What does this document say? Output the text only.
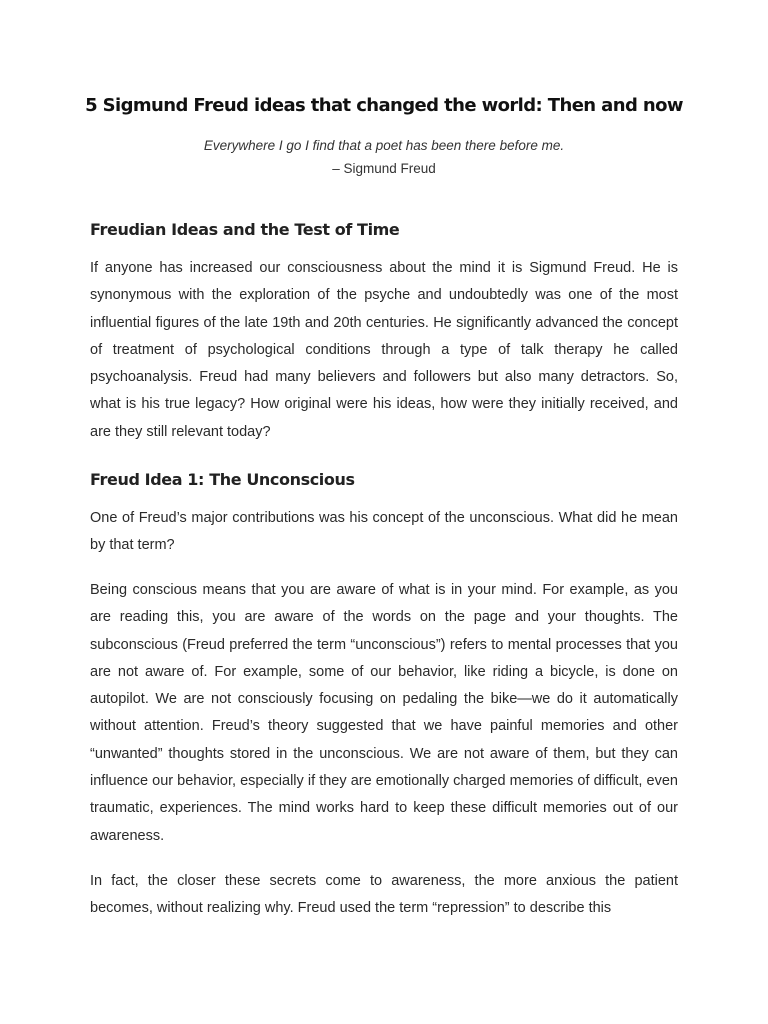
5 Sigmund Freud ideas that changed the world: Then and now
Everywhere I go I find that a poet has been there before me.
– Sigmund Freud
Freudian Ideas and the Test of Time

If anyone has increased our consciousness about the mind it is Sigmund Freud. He is synonymous with the exploration of the psyche and undoubtedly was one of the most influential figures of the late 19th and 20th centuries. He significantly advanced the concept of treatment of psychological conditions through a type of talk therapy he called psychoanalysis. Freud had many believers and followers but also many detractors. So, what is his true legacy? How original were his ideas, how were they initially received, and are they still relevant today?

Freud Idea 1: The Unconscious

One of Freud’s major contributions was his concept of the unconscious. What did he mean by that term?

Being conscious means that you are aware of what is in your mind. For example, as you are reading this, you are aware of the words on the page and your thoughts. The subconscious (Freud preferred the term “unconscious”) refers to mental processes that you are not aware of. For example, some of our behavior, like riding a bicycle, is done on autopilot. We are not consciously focusing on pedaling the bike—we do it automatically without attention. Freud’s theory suggested that we have painful memories and other “unwanted” thoughts stored in the unconscious. We are not aware of them, but they can influence our behavior, especially if they are emotionally charged memories of difficult, even traumatic, experiences. The mind works hard to keep these difficult memories out of our awareness.

In fact, the closer these secrets come to awareness, the more anxious the patient becomes, without realizing why. Freud used the term “repression” to describe this
